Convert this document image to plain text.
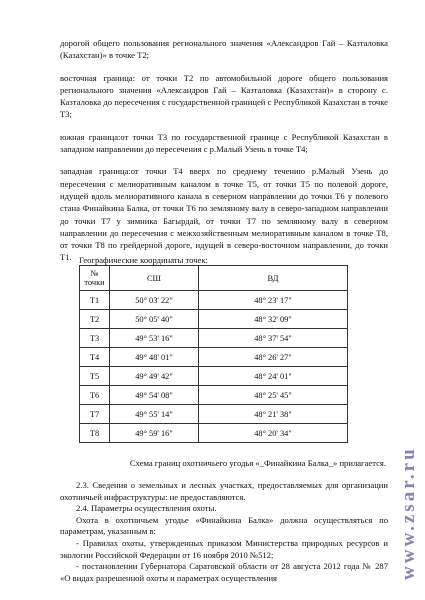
дорогой общего пользования регионального значения «Александров Гай – Казталовка (Казахстан)» в точке Т2;

восточная граница: от точки Т2 по автомобильной дороге общего пользования регионального значения «Александров Гай – Казталовка (Казахстан)» в сторону с. Казталовка до пересечения с государственной границей с Республикой Казахстан в точке Т3;

южная граница:от точки Т3 по государственной границе с Республикой Казахстан в западном направлении до пересечения с р.Малый Узень в точке Т4;

западная граница:от точки Т4 вверх по среднему течению р.Малый Узень до пересечения с мелиоративным каналом в точке Т5, от точки Т5 по полевой дороге, идущей вдоль мелиоративного канала в северном направлении до точки Т6 у полевого стана Финайкина Балка, от точки Т6 по земляному валу в северо-западном направлении до точки Т7 у зимника Багырдай, от точки Т7 по земляному валу в северном направлении до пересечения с межхозяйственным мелиоративным каналом в точке Т8, от точки Т8 по грейдерной дороге, идущей в северо-восточном направлении, до точки Т1. Географические координаты точек:
№ точки	СШ	ВД
Т1	50° 03' 22"	48° 23' 17"
Т2	50° 05' 40"	48° 32' 09"
Т3	49° 53' 16"	48° 37' 54"
Т4	49° 48' 01"	48° 26' 27"
Т5	49° 49' 42"	48° 24' 01"
Т6	49° 54' 08"	48° 25' 45"
Т7	49° 55' 14"	48° 21' 38"
Т8	49° 59' 16"	48° 20' 34"
Схема границ охотничьего угодья «_Финайкина Балка_» прилагается.

2.3. Сведения о земельных и лесных участках, предоставляемых для организации охотничьей инфраструктуры: не предоставляются.

2.4. Параметры осуществления охоты.

Охота в охотничьем угодье «Финайкина Балка» должна осуществляться по параметрам, указанным в:

- Правилах охоты, утвержденных приказом Министерства природных ресурсов и экологии Российской Федерации от 16 ноября 2010 №512;

- постановлении Губернатора Саратовской области от 28 августа 2012 года № 287 «О видах разрешенной охоты и параметрах осуществления	www.zsar.ru
